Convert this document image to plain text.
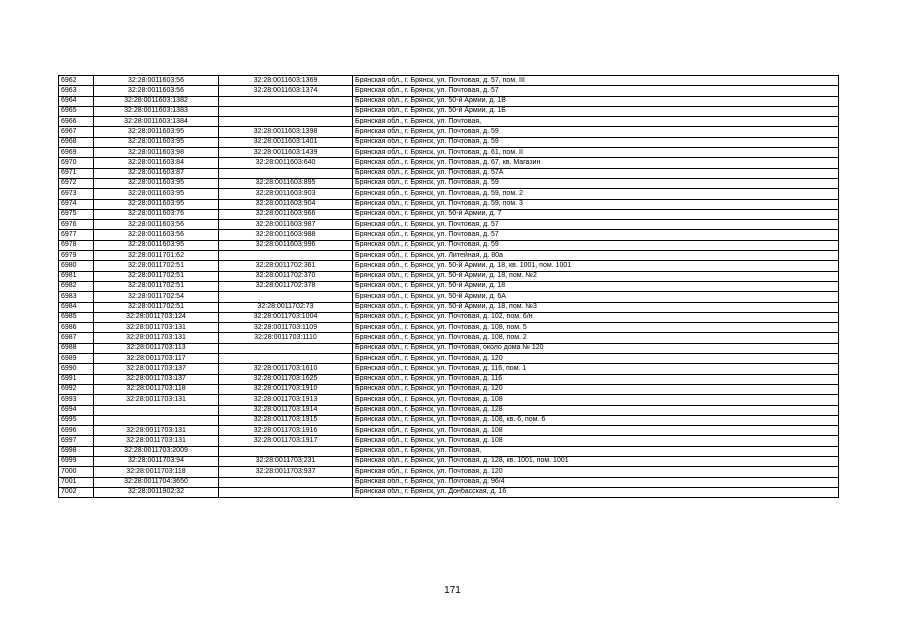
6962	32:28:0011603:56	32:28:0011603:1369	Брянская обл., г. Брянск, ул. Почтовая, д. 57, пом. III
6963	32:28:0011603:56	32:28:0011603:1374	Брянская обл., г. Брянск, ул. Почтовая, д. 57
6964	32:28:0011603:1382		Брянская обл., г. Брянск, ул. 50-й Армии, д. 1В
6965	32:28:0011603:1383		Брянская обл., г. Брянск, ул. 50-й Армии, д. 1Б
6966	32:28:0011603:1384		Брянская обл., г. Брянск, ул. Почтовая,
6967	32:28:0011603:95	32:28:0011603:1398	Брянская обл., г. Брянск, ул. Почтовая, д. 59
6968	32:28:0011603:95	32:28:0011603:1401	Брянская обл., г. Брянск, ул. Почтовая, д. 59
6969	32:28:0011603:98	32:28:0011603:1439	Брянская обл., г. Брянск, ул. Почтовая, д. 61, пом. II
6970	32:28:0011603:84	32:28:0011603:640	Брянская обл., г. Брянск, ул. Почтовая, д. 67, кв. Магазин
6971	32:28:0011603:87		Брянская обл., г. Брянск, ул. Почтовая, д. 57А
6972	32:28:0011603:95	32:28:0011603:895	Брянская обл., г. Брянск, ул. Почтовая, д. 59
6973	32:28:0011603:95	32:28:0011603:903	Брянская обл., г. Брянск, ул. Почтовая, д. 59, пом. 2
6974	32:28:0011603:95	32:28:0011603:904	Брянская обл., г. Брянск, ул. Почтовая, д. 59, пом. 3
6975	32:28:0011603:76	32:28:0011603:966	Брянская обл., г. Брянск, ул. 50-й Армии, д. 7
6976	32:28:0011603:56	32:28:0011603:987	Брянская обл., г. Брянск, ул. Почтовая, д. 57
6977	32:28:0011603:56	32:28:0011603:988	Брянская обл., г. Брянск, ул. Почтовая, д. 57
6978	32:28:0011603:95	32:28:0011603:996	Брянская обл., г. Брянск, ул. Почтовая, д. 59
6979	32:28:0011701:62		Брянская обл., г. Брянск, ул. Литейная, д. 80а
6980	32:28:0011702:51	32:28:0011702:361	Брянская обл., г. Брянск, ул. 50-й Армии, д. 18, кв. 1001, пом. 1001
6981	32:28:0011702:51	32:28:0011702:370	Брянская обл., г. Брянск, ул. 50-й Армии, д. 18, пом. №2
6982	32:28:0011702:51	32:28:0011702:378	Брянская обл., г. Брянск, ул. 50-й Армии, д. 18
6983	32:28:0011702:54		Брянская обл., г. Брянск, ул. 50-й Армии, д. 6А
6984	32:28:0011702:51	32:28:0011702:73	Брянская обл., г. Брянск, ул. 50-й Армии, д. 18, пом. №3
6985	32:28:0011703:124	32:28:0011703:1004	Брянская обл., г. Брянск, ул. Почтовая, д. 102, пом. 6/н
6986	32:28:0011703:131	32:28:0011703:1109	Брянская обл., г. Брянск, ул. Почтовая, д. 108, пом. 5
6987	32:28:0011703:131	32:28:0011703:1110	Брянская обл., г. Брянск, ул. Почтовая, д. 108, пом. 2
6988	32:28:0011703:113		Брянская обл., г. Брянск, ул. Почтовая, около дома № 120
6989	32:28:0011703:117		Брянская обл., г. Брянск, ул. Почтовая, д. 120
6990	32:28:0011703:137	32:28:0011703:1610	Брянская обл., г. Брянск, ул. Почтовая, д. 116, пом. 1
6991	32:28:0011703:137	32:28:0011703:1625	Брянская обл., г. Брянск, ул. Почтовая, д. 116
6992	32:28:0011703:118	32:28:0011703:1910	Брянская обл., г. Брянск, ул. Почтовая, д. 120
6993	32:28:0011703:131	32:28:0011703:1913	Брянская обл., г. Брянск, ул. Почтовая, д. 108
6994		32:28:0011703:1914	Брянская обл., г. Брянск, ул. Почтовая, д. 128
6995		32:28:0011703:1915	Брянская обл., г. Брянск, ул. Почтовая, д. 108, кв. 6, пом. 6
6996	32:28:0011703:131	32:28:0011703:1916	Брянская обл., г. Брянск, ул. Почтовая, д. 108
6997	32:28:0011703:131	32:28:0011703:1917	Брянская обл., г. Брянск, ул. Почтовая, д. 108
6998	32:28:0011703:2009		Брянская обл., г. Брянск, ул. Почтовая,
6999	32:28:0011703:94	32:28:0011703:231	Брянская обл., г. Брянск, ул. Почтовая, д. 128, кв. 1001, пом. 1001
7000	32:28:0011703:118	32:28:0011703:937	Брянская обл., г. Брянск, ул. Почтовая, д. 120
7001	32:28:0011704:3650		Брянская обл., г. Брянск, ул. Почтовая, д. 96/4
7002	32:28:0011902:32		Брянская обл., г. Брянск, ул. Донбасская, д. 16
171
